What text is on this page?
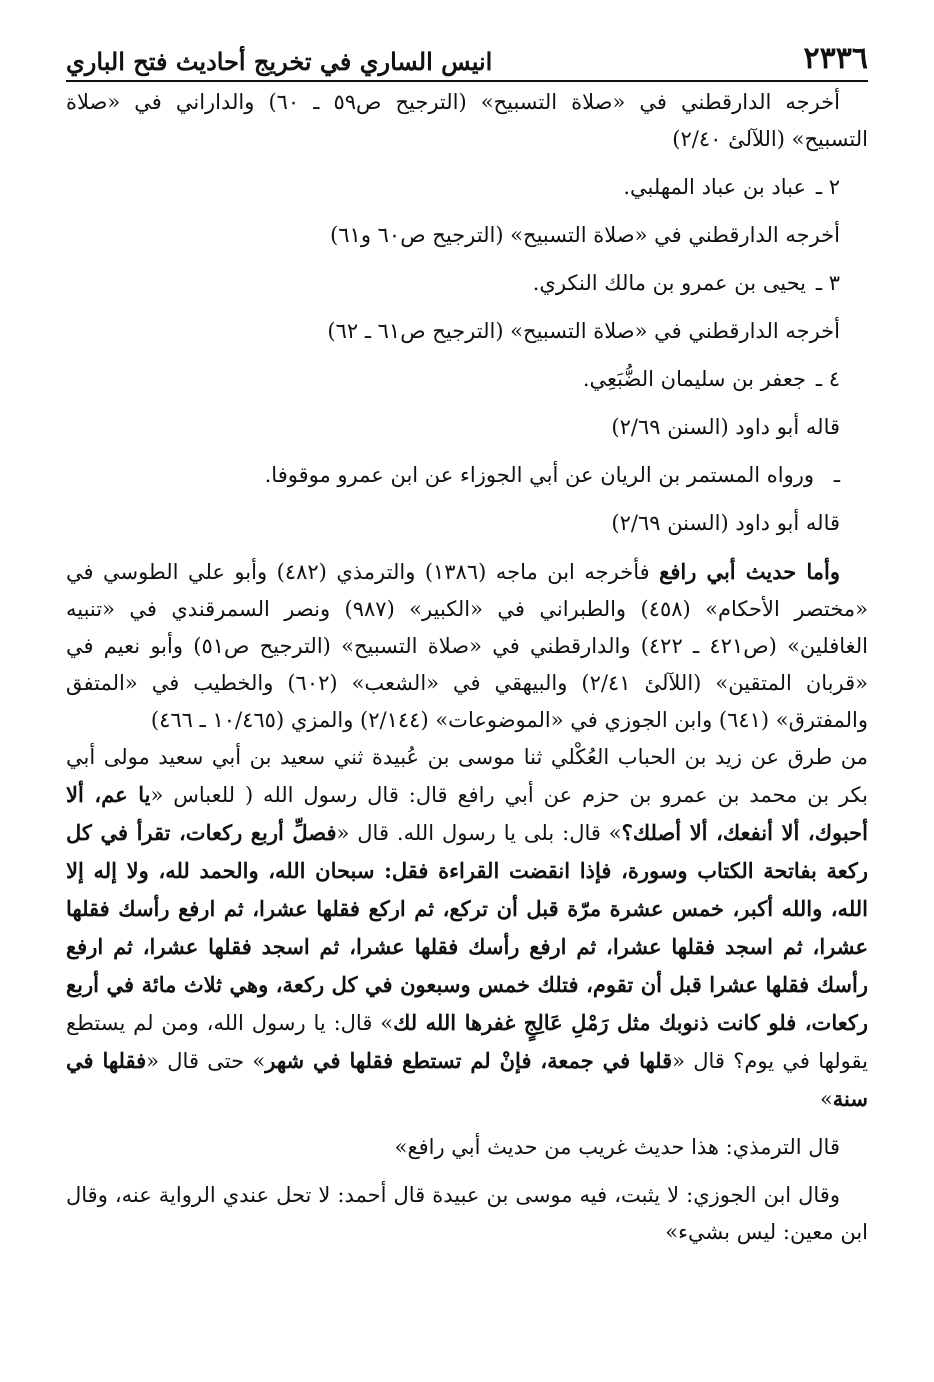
٢٣٣٦
انيس الساري في تخريج أحاديث فتح الباري

أخرجه الدارقطني في «صلاة التسبيح» (الترجيح ص٥٩ ـ ٦٠) والداراني في «صلاة التسبيح» (اللآلئ ٢/٤٠)

٢ ـ
عباد بن عباد المهلبي.

أخرجه الدارقطني في «صلاة التسبيح» (الترجيح ص٦٠ و٦١)

٣ ـ
يحيى بن عمرو بن مالك النكري.

أخرجه الدارقطني في «صلاة التسبيح» (الترجيح ص٦١ ـ ٦٢)

٤ ـ
جعفر بن سليمان الضُّبَعِي.

قاله أبو داود (السنن ٢/٦٩)

ـ
ورواه المستمر بن الريان عن أبي الجوزاء عن ابن عمرو موقوفا.

قاله أبو داود (السنن ٢/٦٩)

وأما حديث أبي رافع فأخرجه ابن ماجه (١٣٨٦) والترمذي (٤٨٢) وأبو علي الطوسي في «مختصر الأحكام» (٤٥٨) والطبراني في «الكبير» (٩٨٧) ونصر السمرقندي في «تنبيه الغافلين» (ص٤٢١ ـ ٤٢٢) والدارقطني في «صلاة التسبيح» (الترجيح ص٥١) وأبو نعيم في «قربان المتقين» (اللآلئ ٢/٤١) والبيهقي في «الشعب» (٦٠٢) والخطيب في «المتفق والمفترق» (٦٤١) وابن الجوزي في «الموضوعات» (٢/١٤٤) والمزي (١٠/٤٦٥ ـ ٤٦٦)

من طرق عن زيد بن الحباب العُكْلي ثنا موسى بن عُبيدة ثني سعيد بن أبي سعيد مولى أبي بكر بن محمد بن عمرو بن حزم عن أبي رافع قال: قال رسول الله ( للعباس «يا عم، ألا أحبوك، ألا أنفعك، ألا أصلك؟» قال: بلى يا رسول الله. قال «فصلِّ أربع ركعات، تقرأ في كل ركعة بفاتحة الكتاب وسورة، فإذا انقضت القراءة فقل: سبحان الله، والحمد لله، ولا إله إلا الله، والله أكبر، خمس عشرة مرّة قبل أن تركع، ثم اركع فقلها عشرا، ثم ارفع رأسك فقلها عشرا، ثم اسجد فقلها عشرا، ثم ارفع رأسك فقلها عشرا، ثم اسجد فقلها عشرا، ثم ارفع رأسك فقلها عشرا قبل أن تقوم، فتلك خمس وسبعون في كل ركعة، وهي ثلاث مائة في أربع ركعات، فلو كانت ذنوبك مثل رَمْلِ عَالِجٍ غفرها الله لك» قال: يا رسول الله، ومن لم يستطع يقولها في يوم؟ قال «قلها في جمعة، فإنْ لم تستطع فقلها في شهر» حتى قال «فقلها في سنة»

قال الترمذي: هذا حديث غريب من حديث أبي رافع»

وقال ابن الجوزي: لا يثبت، فيه موسى بن عبيدة قال أحمد: لا تحل عندي الرواية عنه، وقال ابن معين: ليس بشيء»
